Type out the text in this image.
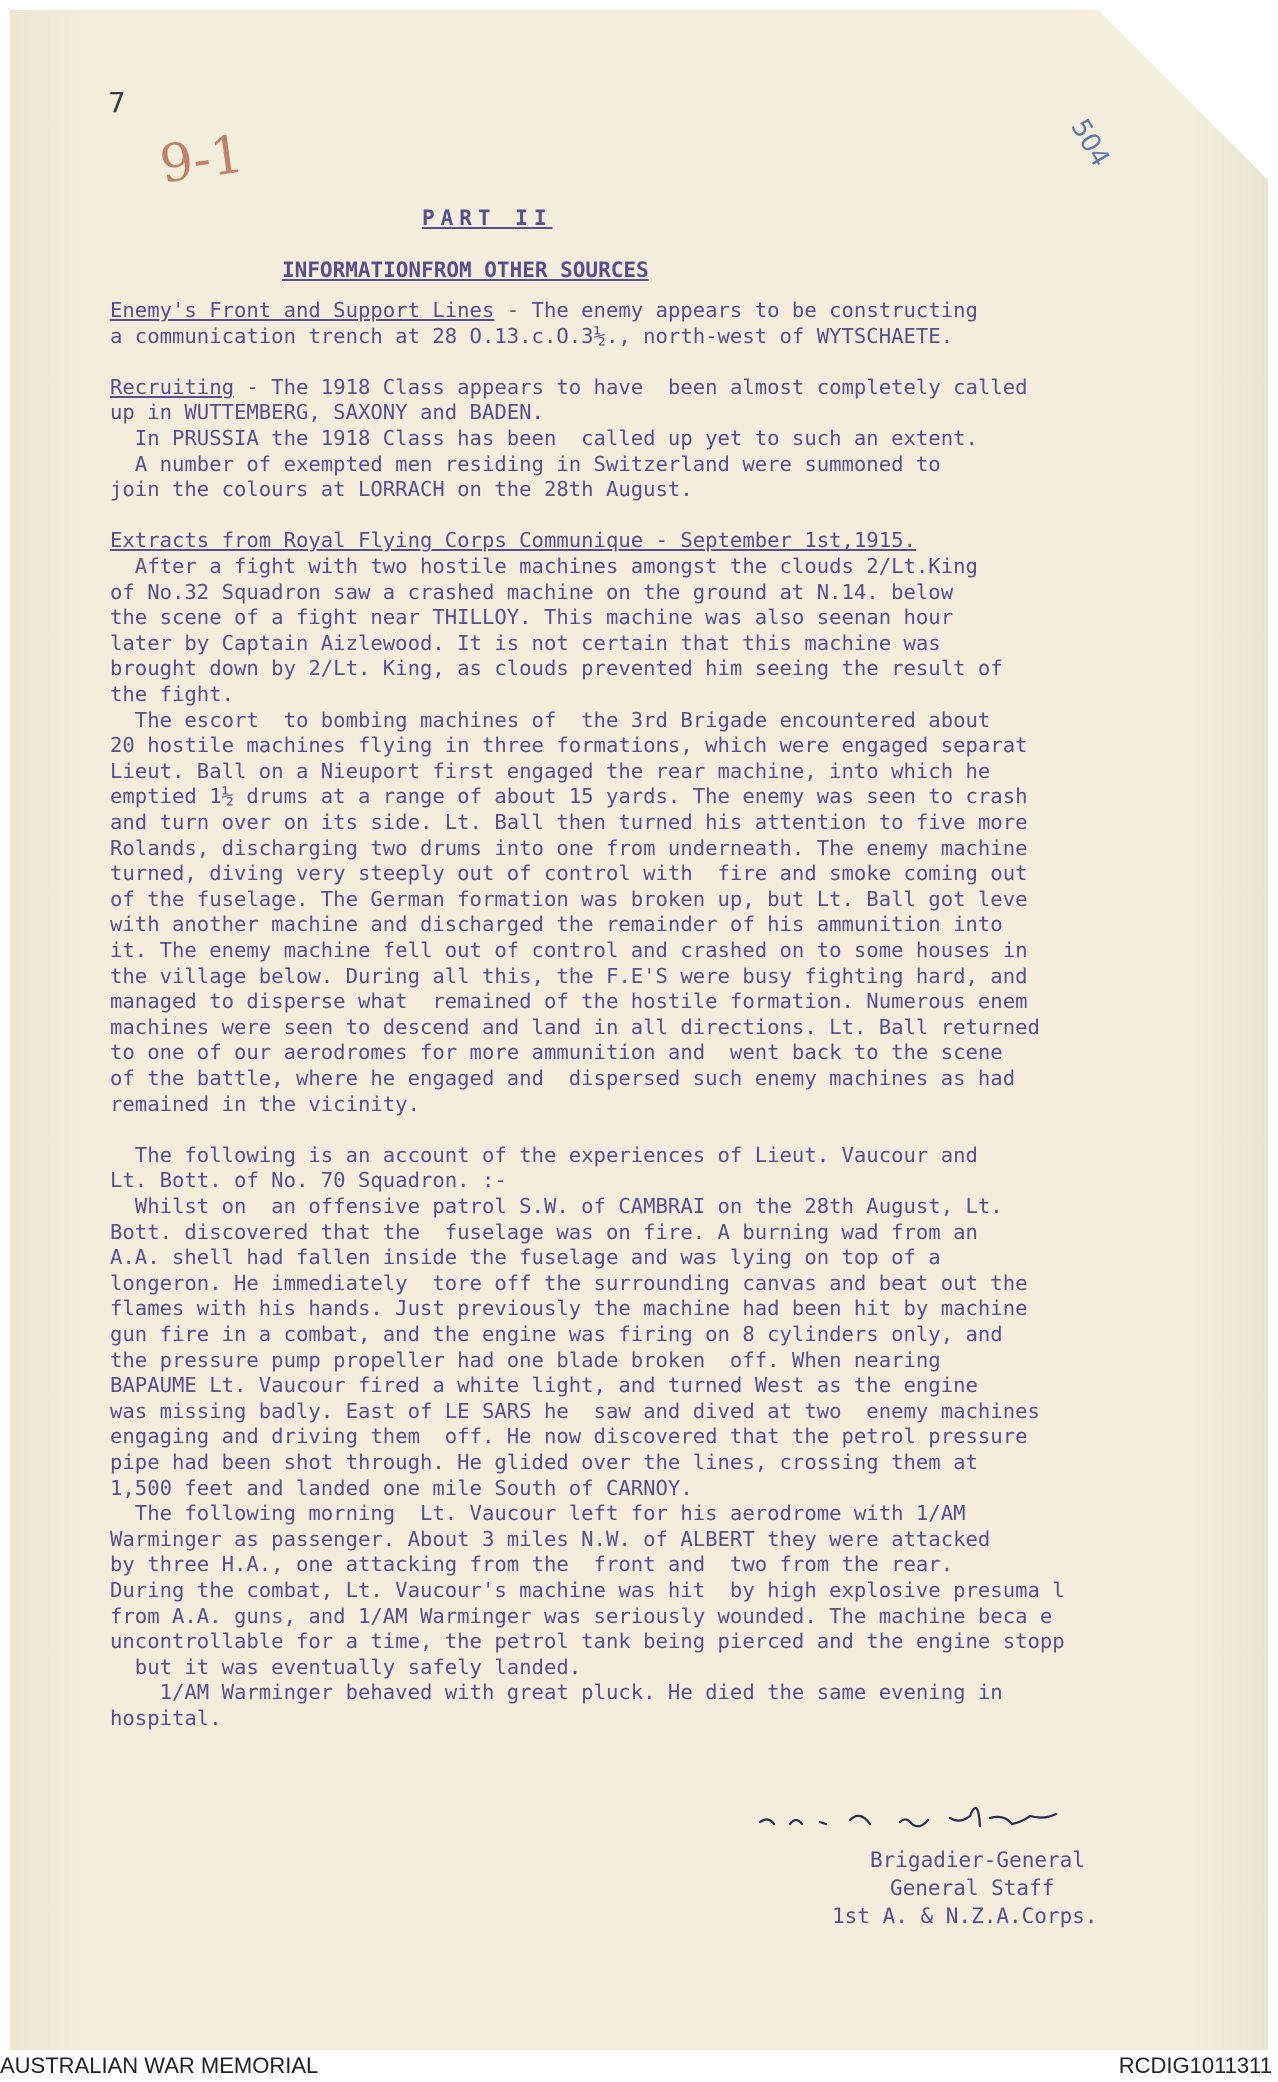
7
9-1	504
PART II
INFORMATIONFROM OTHER SOURCES
Enemy's Front and Support Lines - The enemy appears to be constructing
a communication trench at 28 O.13.c.O.3½., north-west of WYTSCHAETE.
Recruiting - The 1918 Class appears to have  been almost completely called
up in WUTTEMBERG, SAXONY and BADEN.
In PRUSSIA the 1918 Class has been  called up yet to such an extent.
A number of exempted men residing in Switzerland were summoned to
join the colours at LORRACH on the 28th August.
Extracts from Royal Flying Corps Communique - September 1st,1915.
After a fight with two hostile machines amongst the clouds 2/Lt.King
of No.32 Squadron saw a crashed machine on the ground at N.14. below
the scene of a fight near THILLOY. This machine was also seenan hour
later by Captain Aizlewood. It is not certain that this machine was
brought down by 2/Lt. King, as clouds prevented him seeing the result of
the fight.
The escort  to bombing machines of  the 3rd Brigade encountered about
20 hostile machines flying in three formations, which were engaged separat
Lieut. Ball on a Nieuport first engaged the rear machine, into which he
emptied 1½ drums at a range of about 15 yards. The enemy was seen to crash
and turn over on its side. Lt. Ball then turned his attention to five more
Rolands, discharging two drums into one from underneath. The enemy machine
turned, diving very steeply out of control with  fire and smoke coming out
of the fuselage. The German formation was broken up, but Lt. Ball got leve
with another machine and discharged the remainder of his ammunition into
it. The enemy machine fell out of control and crashed on to some houses in
the village below. During all this, the F.E'S were busy fighting hard, and
managed to disperse what  remained of the hostile formation. Numerous enem
machines were seen to descend and land in all directions. Lt. Ball returned
to one of our aerodromes for more ammunition and  went back to the scene
of the battle, where he engaged and  dispersed such enemy machines as had
remained in the vicinity.
The following is an account of the experiences of Lieut. Vaucour and
Lt. Bott. of No. 70 Squadron. :-
Whilst on  an offensive patrol S.W. of CAMBRAI on the 28th August, Lt.
Bott. discovered that the  fuselage was on fire. A burning wad from an
A.A. shell had fallen inside the fuselage and was lying on top of a
longeron. He immediately  tore off the surrounding canvas and beat out the
flames with his hands. Just previously the machine had been hit by machine
gun fire in a combat, and the engine was firing on 8 cylinders only, and
the pressure pump propeller had one blade broken  off. When nearing
BAPAUME Lt. Vaucour fired a white light, and turned West as the engine
was missing badly. East of LE SARS he  saw and dived at two  enemy machines
engaging and driving them  off. He now discovered that the petrol pressure
pipe had been shot through. He glided over the lines, crossing them at
1,500 feet and landed one mile South of CARNOY.
The following morning  Lt. Vaucour left for his aerodrome with 1/AM
Warminger as passenger. About 3 miles N.W. of ALBERT they were attacked
by three H.A., one attacking from the  front and  two from the rear.
During the combat, Lt. Vaucour's machine was hit  by high explosive presuma l
from A.A. guns, and 1/AM Warminger was seriously wounded. The machine beca e
uncontrollable for a time, the petrol tank being pierced and the engine stopp
but it was eventually safely landed.
1/AM Warminger behaved with great pluck. He died the same evening in
hospital.
Brigadier-General
General Staff
1st A. & N.Z.A.Corps.
AUSTRALIAN WAR MEMORIAL	RCDIG1011311
